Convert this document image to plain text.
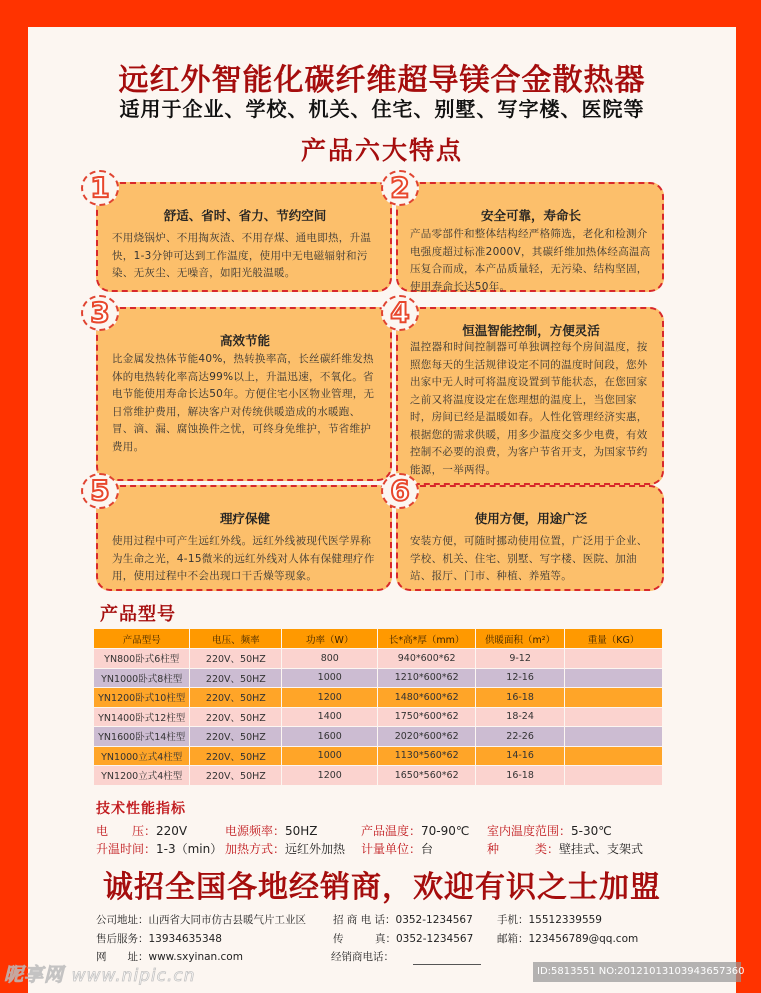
远红外智能化碳纤维超导镁合金散热器
适用于企业、学校、机关、住宅、别墅、写字楼、医院等
产品六大特点
舒适、省时、省力、节约空间
不用烧锅炉、不用掏灰渣、不用存煤、通电即热，升温快，1-3分钟可达到工作温度，使用中无电磁辐射和污染、无灰尘、无噪音，如阳光般温暖。
1
安全可靠，寿命长
产品零部件和整体结构经严格筛选，老化和检测介电强度超过标准2000V，其碳纤维加热体经高温高压复合而成，本产品质量轻，无污染、结构坚固，使用寿命长达50年。
2
高效节能
比金属发热体节能40%，热转换率高，长丝碳纤维发热体的电热转化率高达99%以上，升温迅速，不氧化。省电节能使用寿命长达50年。方便住宅小区物业管理，无日常维护费用，解决客户对传统供暖造成的水暖跑、冒、滴、漏、腐蚀换件之忧，可终身免维护，节省维护费用。
3
恒温智能控制，方便灵活
温控器和时间控制器可单独调控每个房间温度，按照您每天的生活规律设定不同的温度时间段，您外出家中无人时可将温度设置到节能状态，在您回家之前又将温度设定在您理想的温度上，当您回家时，房间已经是温暖如春。人性化管理经济实惠，根据您的需求供暖，用多少温度交多少电费，有效控制不必要的浪费，为客户节省开支，为国家节约能源，一举两得。
4
理疗保健
使用过程中可产生远红外线。远红外线被现代医学界称为生命之光，4-15微米的远红外线对人体有保健理疗作用，使用过程中不会出现口干舌燥等现象。
5
使用方便，用途广泛
安装方便，可随时挪动使用位置，广泛用于企业、学校、机关、住宅、别墅、写字楼、医院、加油站、报厅、门市、种植、养殖等。
6
产品型号
产品型号	电压、频率	功率（W）	长*高*厚（mm）	供暖面积（m²）	重量（KG）
YN800卧式6柱型	220V、50HZ	800	940*600*62	9-12	
YN1000卧式8柱型	220V、50HZ	1000	1210*600*62	12-16	
YN1200卧式10柱型	220V、50HZ	1200	1480*600*62	16-18	
YN1400卧式12柱型	220V、50HZ	1400	1750*600*62	18-24	
YN1600卧式14柱型	220V、50HZ	1600	2020*600*62	22-26	
YN1000立式4柱型	220V、50HZ	1000	1130*560*62	14-16	
YN1200立式4柱型	220V、50HZ	1200	1650*560*62	16-18	
技术性能指标
电　　压：220V	电源频率：50HZ	产品温度：70-90℃ 室内温度范围：5-30℃
升温时间：1-3（min） 加热方式：远红外加热 计量单位：台	种　　　类：壁挂式、支架式
诚招全国各地经销商，欢迎有识之士加盟
公司地址：山西省大同市仿古县暖气片工业区
售后服务：13934635348
网　　址：www.sxyinan.com
招 商 电 话：0352-1234567 手机：15512339559
传　　　真：0352-1234567 邮箱：123456789@qq.com
经销商电话：
昵享网 www.nipic.cn	ID:5813551 NO:20121013103943657360
